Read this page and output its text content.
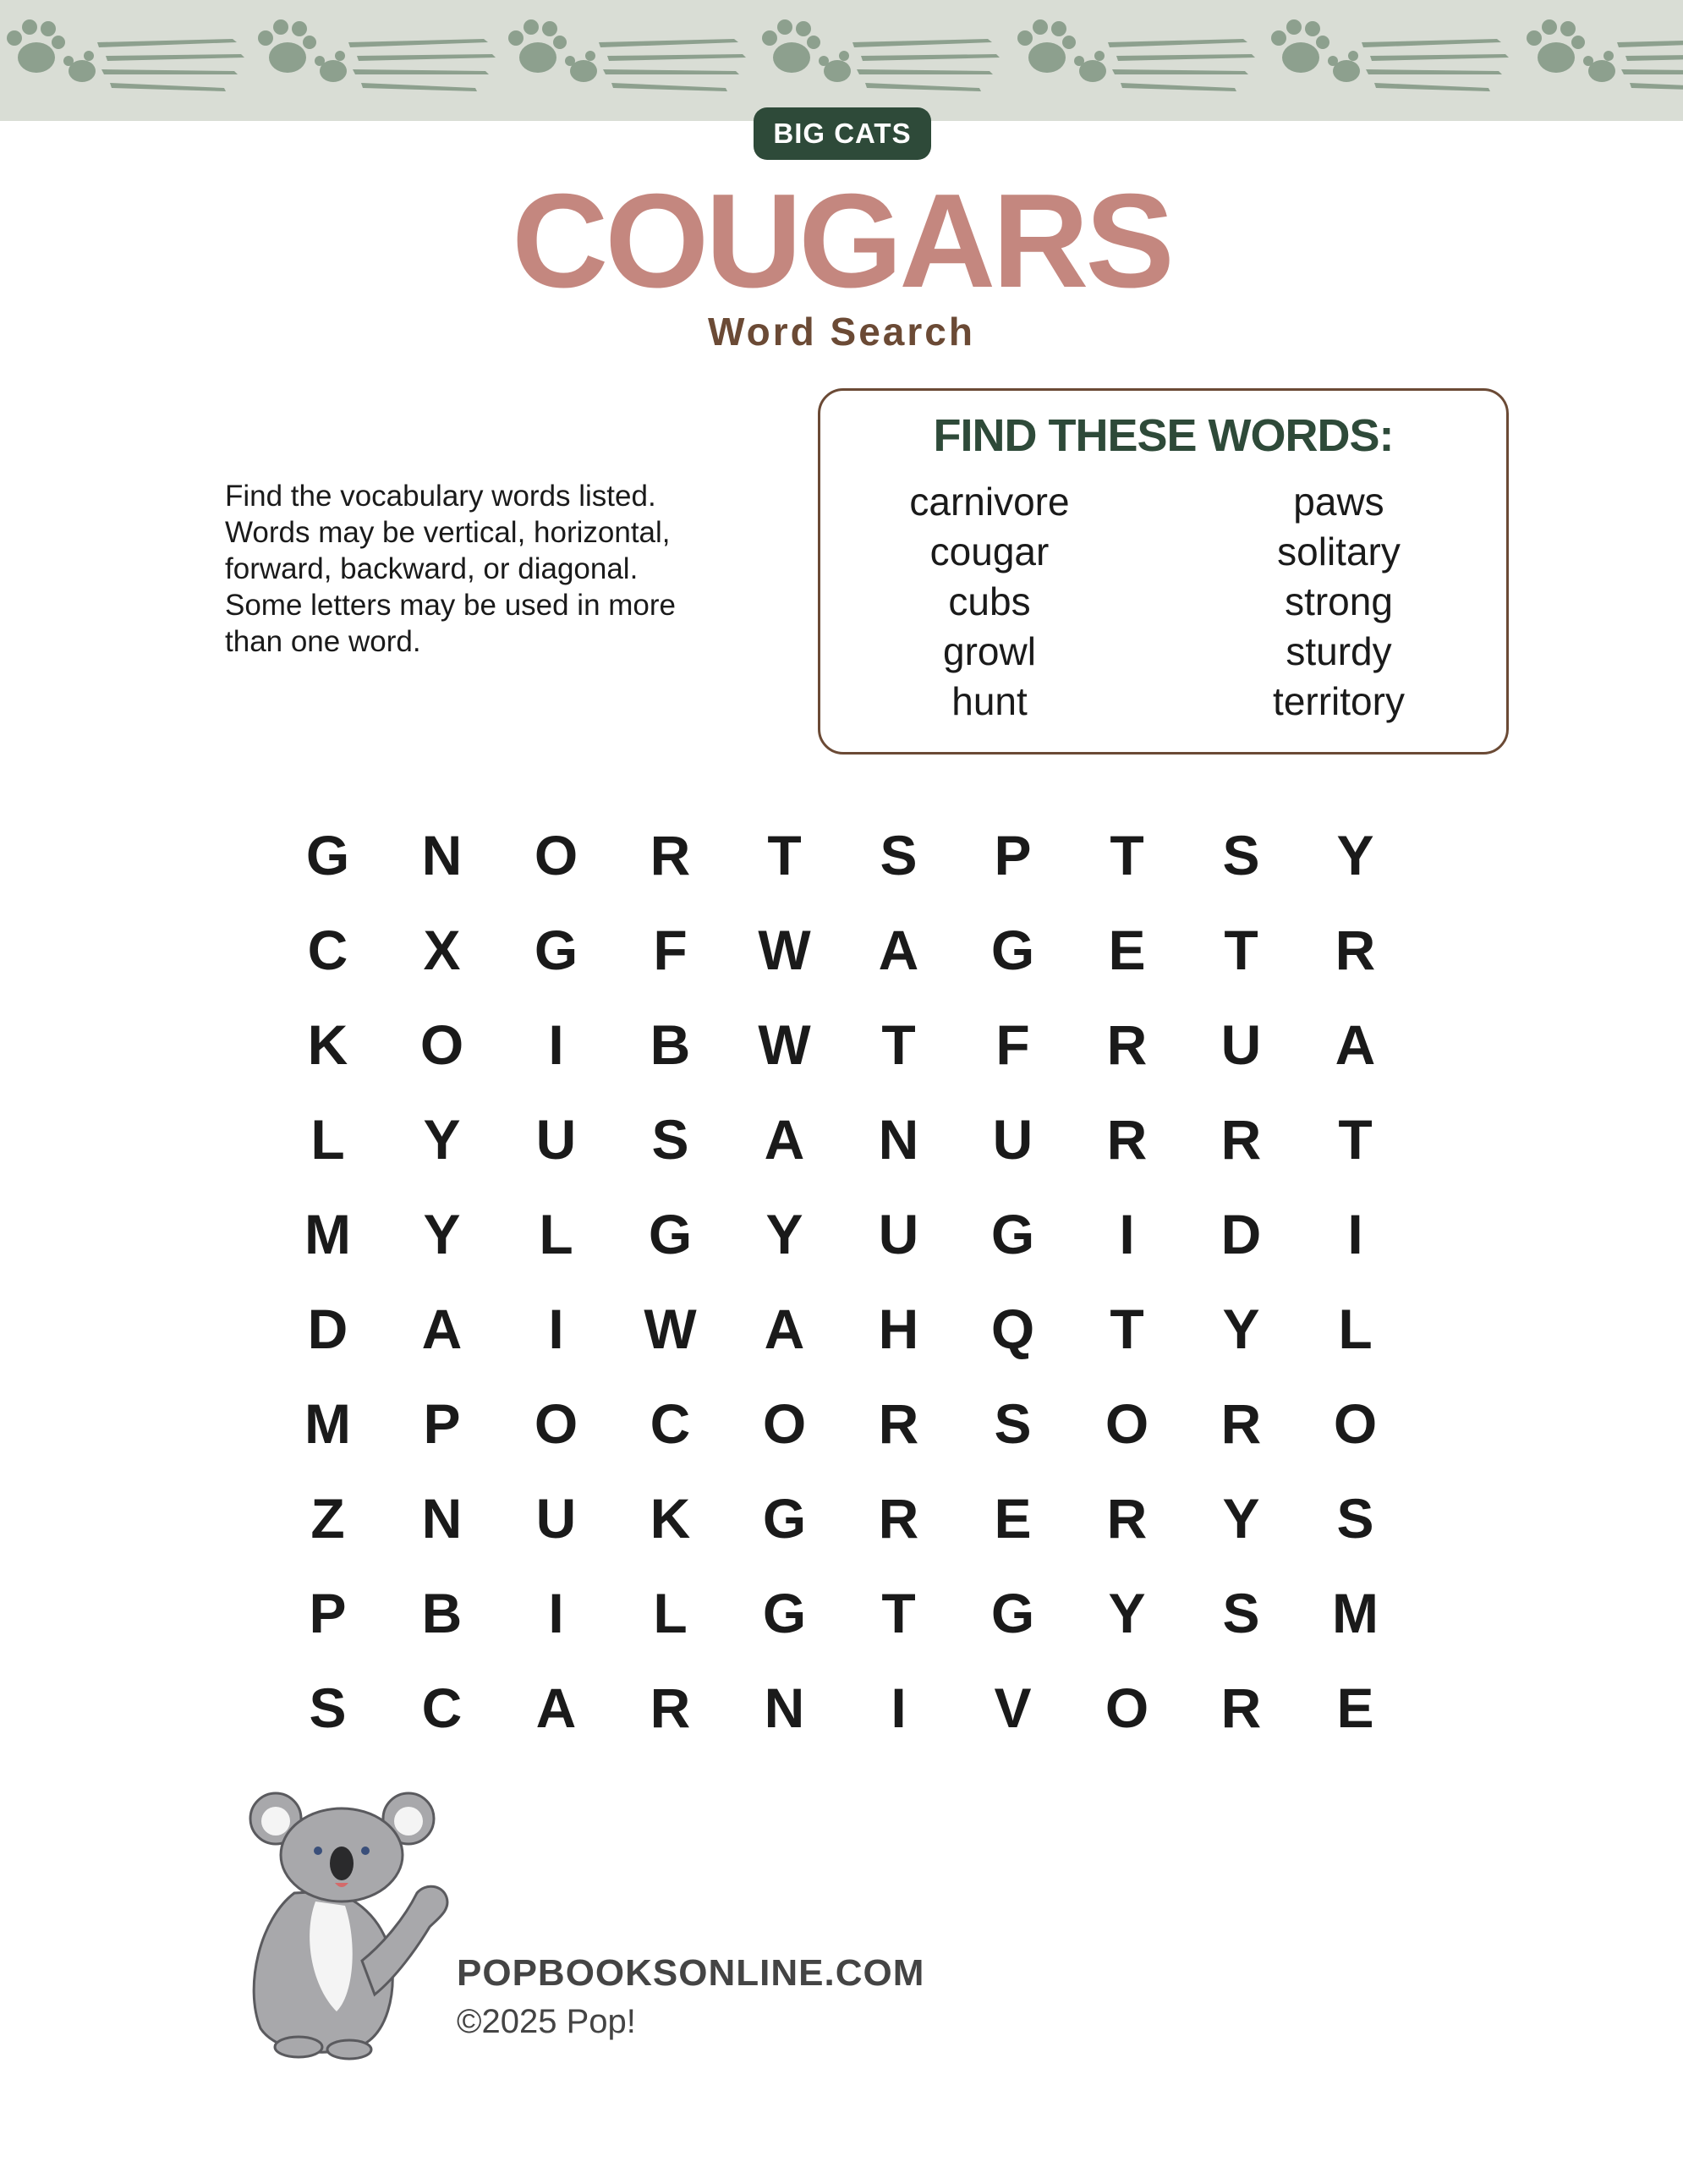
BIG CATS
COUGARS
Word Search
Find the vocabulary words listed.
Words may be vertical, horizontal,
forward, backward, or diagonal.
Some letters may be used in more
than one word.
FIND THESE WORDS:
carnivore
cougar
cubs
growl
hunt
paws
solitary
strong
sturdy
territory
G	N	O	R	T	S	P	T	S	Y
C	X	G	F	W	A	G	E	T	R
K	O	I	B	W	T	F	R	U	A
L	Y	U	S	A	N	U	R	R	T
M	Y	L	G	Y	U	G	I	D	I
D	A	I	W	A	H	Q	T	Y	L
M	P	O	C	O	R	S	O	R	O
Z	N	U	K	G	R	E	R	Y	S
P	B	I	L	G	T	G	Y	S	M
S	C	A	R	N	I	V	O	R	E
POPBOOKSONLINE.COM
©2025 Pop!
